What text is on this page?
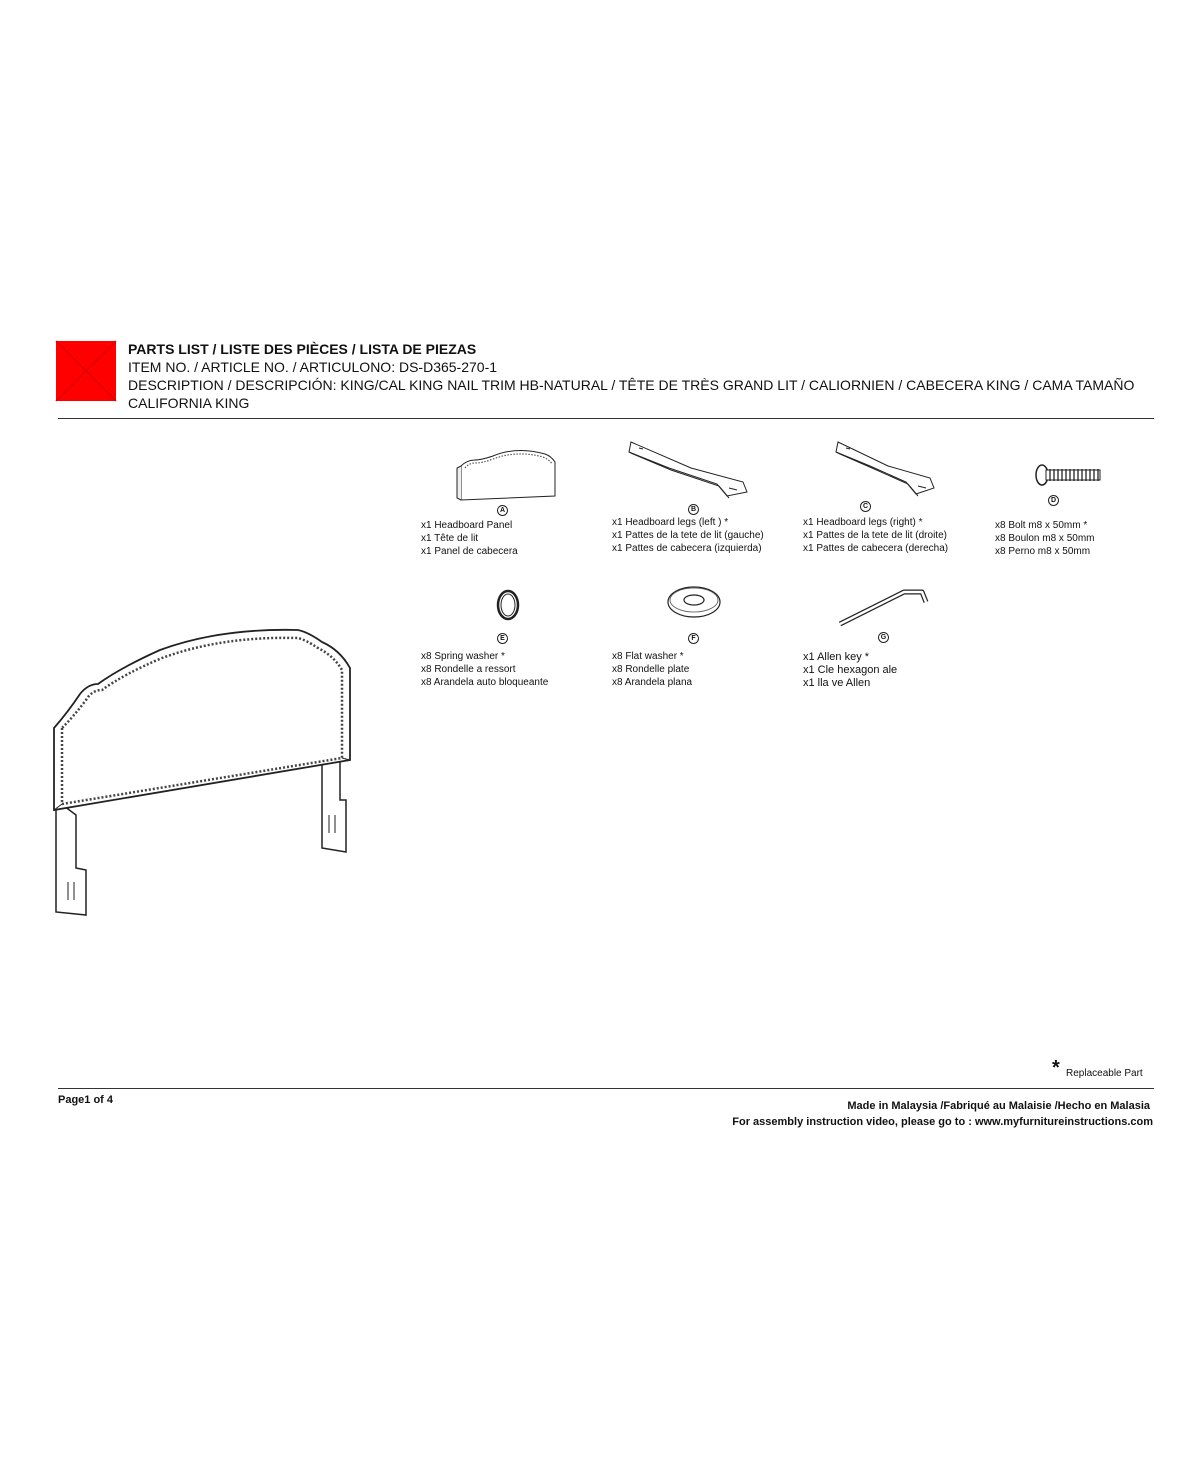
PARTS LIST / LISTE DES PIÈCES / LISTA DE PIEZAS
ITEM NO. / ARTICLE NO. / ARTICULONO: DS-D365-270-1
DESCRIPTION / DESCRIPCIÓN: KING/CAL KING NAIL TRIM HB-NATURAL / TÊTE DE TRÈS GRAND LIT / CALIORNIEN / CABECERA KING / CAMA TAMAÑO
CALIFORNIA KING
A
x1 Headboard Panel
x1 Tête de lit
x1 Panel de cabecera
B
x1 Headboard legs (left ) *
x1 Pattes de la tete de lit (gauche)
x1 Pattes de cabecera (izquierda)
C
x1 Headboard legs (right) *
x1 Pattes de la tete de lit (droite)
x1 Pattes de cabecera (derecha)
D
x8 Bolt m8 x 50mm *
x8 Boulon m8 x 50mm
x8 Perno m8 x 50mm
E
x8 Spring washer *
x8 Rondelle a ressort
x8 Arandela auto bloqueante
F
x8 Flat washer *
x8 Rondelle plate
x8 Arandela plana
G
x1 Allen key *
x1 Cle hexagon ale
x1 lla ve Allen
* Replaceable Part
Page1 of 4	Made in Malaysia /Fabriqué au Malaisie /Hecho en Malasia
For assembly instruction video, please go to : www.myfurnitureinstructions.com
